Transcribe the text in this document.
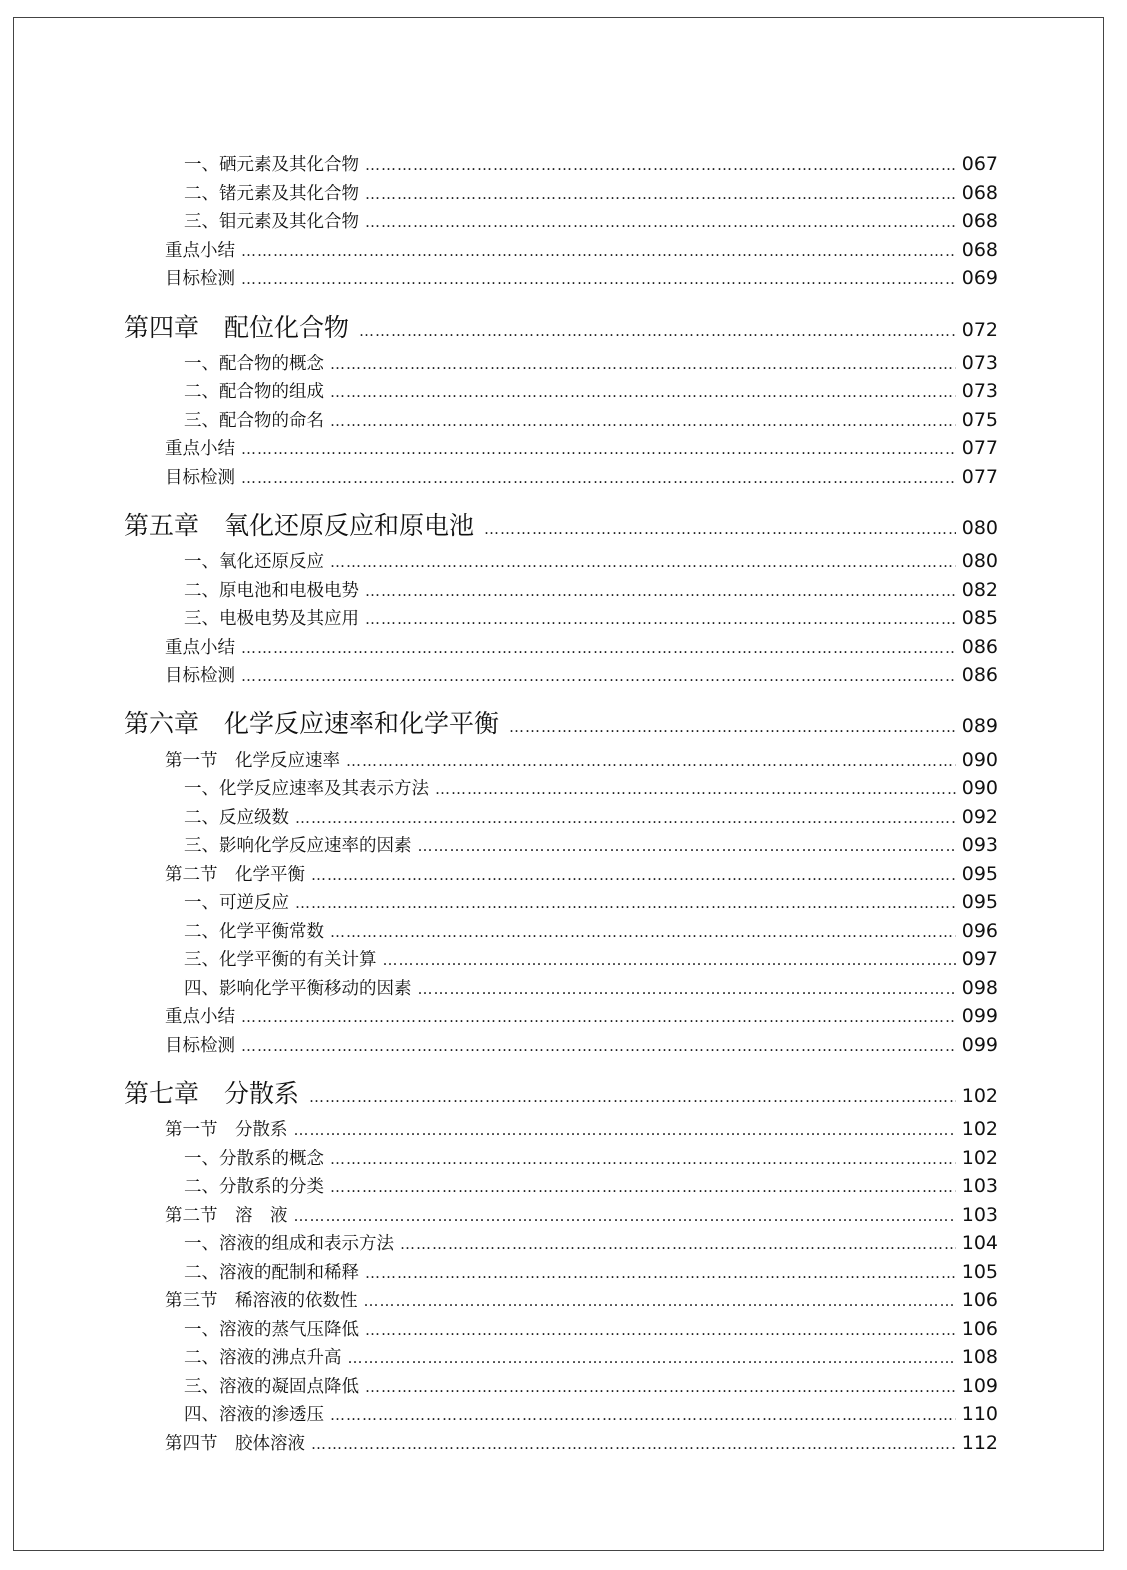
一、硒元素及其化合物 …………………………………………………………………………………………………………………………………………………………………………………………………………………………	067
二、锗元素及其化合物 …………………………………………………………………………………………………………………………………………………………………………………………………………………………	068
三、钼元素及其化合物 …………………………………………………………………………………………………………………………………………………………………………………………………………………………	068
重点小结 …………………………………………………………………………………………………………………………………………………………………………………………………………………………	068
目标检测 …………………………………………………………………………………………………………………………………………………………………………………………………………………………	069
第四章　配位化合物 …………………………………………………………………………………………………………………………………………………………………………………………………………………………	072
一、配合物的概念 …………………………………………………………………………………………………………………………………………………………………………………………………………………………	073
二、配合物的组成 …………………………………………………………………………………………………………………………………………………………………………………………………………………………	073
三、配合物的命名 …………………………………………………………………………………………………………………………………………………………………………………………………………………………	075
重点小结 …………………………………………………………………………………………………………………………………………………………………………………………………………………………	077
目标检测 …………………………………………………………………………………………………………………………………………………………………………………………………………………………	077
第五章　氧化还原反应和原电池 …………………………………………………………………………………………………………………………………………………………………………………………………………………………	080
一、氧化还原反应 …………………………………………………………………………………………………………………………………………………………………………………………………………………………	080
二、原电池和电极电势 …………………………………………………………………………………………………………………………………………………………………………………………………………………………	082
三、电极电势及其应用 …………………………………………………………………………………………………………………………………………………………………………………………………………………………	085
重点小结 …………………………………………………………………………………………………………………………………………………………………………………………………………………………	086
目标检测 …………………………………………………………………………………………………………………………………………………………………………………………………………………………	086
第六章　化学反应速率和化学平衡 …………………………………………………………………………………………………………………………………………………………………………………………………………………………	089
第一节　化学反应速率 …………………………………………………………………………………………………………………………………………………………………………………………………………………………	090
一、化学反应速率及其表示方法 …………………………………………………………………………………………………………………………………………………………………………………………………………………………	090
二、反应级数 …………………………………………………………………………………………………………………………………………………………………………………………………………………………	092
三、影响化学反应速率的因素 …………………………………………………………………………………………………………………………………………………………………………………………………………………………	093
第二节　化学平衡 …………………………………………………………………………………………………………………………………………………………………………………………………………………………	095
一、可逆反应 …………………………………………………………………………………………………………………………………………………………………………………………………………………………	095
二、化学平衡常数 …………………………………………………………………………………………………………………………………………………………………………………………………………………………	096
三、化学平衡的有关计算 …………………………………………………………………………………………………………………………………………………………………………………………………………………………	097
四、影响化学平衡移动的因素 …………………………………………………………………………………………………………………………………………………………………………………………………………………………	098
重点小结 …………………………………………………………………………………………………………………………………………………………………………………………………………………………	099
目标检测 …………………………………………………………………………………………………………………………………………………………………………………………………………………………	099
第七章　分散系 …………………………………………………………………………………………………………………………………………………………………………………………………………………………	102
第一节　分散系 …………………………………………………………………………………………………………………………………………………………………………………………………………………………	102
一、分散系的概念 …………………………………………………………………………………………………………………………………………………………………………………………………………………………	102
二、分散系的分类 …………………………………………………………………………………………………………………………………………………………………………………………………………………………	103
第二节　溶　液 …………………………………………………………………………………………………………………………………………………………………………………………………………………………	103
一、溶液的组成和表示方法 …………………………………………………………………………………………………………………………………………………………………………………………………………………………	104
二、溶液的配制和稀释 …………………………………………………………………………………………………………………………………………………………………………………………………………………………	105
第三节　稀溶液的依数性 …………………………………………………………………………………………………………………………………………………………………………………………………………………………	106
一、溶液的蒸气压降低 …………………………………………………………………………………………………………………………………………………………………………………………………………………………	106
二、溶液的沸点升高 …………………………………………………………………………………………………………………………………………………………………………………………………………………………	108
三、溶液的凝固点降低 …………………………………………………………………………………………………………………………………………………………………………………………………………………………	109
四、溶液的渗透压 …………………………………………………………………………………………………………………………………………………………………………………………………………………………	110
第四节　胶体溶液 …………………………………………………………………………………………………………………………………………………………………………………………………………………………	112
